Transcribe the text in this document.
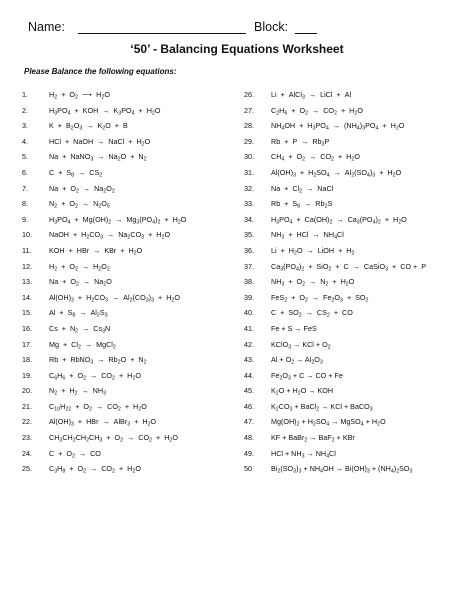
Name:	Block:
‘50’ - Balancing Equations Worksheet
Please Balance the following equations:
1.	$H_2 + O_2$  ⟶  $H_2O$
2.	$H_3PO_4$  +  KOH  →  $K_3PO_4 + H_2O$
3.	$K + B_2O_3 \to K_2O + B$
4.	HCl  +  NaOH  →  NaCl  +  $H_2O$
5.	Na  +  NaNO$_3$  →  $Na_2O + N_2$
6.	$C + S_8 \to CS_2$
7.	$Na + O_2 \to Na_2O_2$
8.	$N_2 + O_2 \to N_2O_5$
9.	$H_3PO_4 + Mg(OH)_2 \to Mg_3(PO_4)_2 + H_2O$
10.	NaOH  +  $H_2CO_3 \to Na_2CO_3 + H_2O$
11.	KOH  +  HBr  →  KBr  +  $H_2O$
12.	$H_2 + O_2 \to H_2O_2$
13.	$Na + O_2 \to Na_2O$
14.	$Al(OH)_3 + H_2CO_3 \to Al_2(CO_3)_3 + H_2O$
15.	$Al + S_8 \to Al_2S_3$
16.	$Cs + N_2 \to Cs_3N$
17.	$Mg + Cl_2$  →  MgCl$_2$
18.	Rb  +  RbNO$_3$  →  $Rb_2O + N_2$
19.	$C_6H_6 + O_2 \to CO_2 + H_2O$
20.	$N_2 + H_2 \to NH_3$
21.	$C_{10}H_{22} + O_2 \to CO_2 + H_2O$
22.	$Al(OH)_3$  +  HBr  →  AlBr$_3$  +  $H_2O$
23.	$CH_3CH_2CH_2CH_3 + O_2 \to CO_2 + H_2O$
24.	$C + O_2$  →  CO
25.	$C_3H_8 + O_2 \to CO_2 + H_2O$
26.	Li  +  AlCl$_3$  →  LiCl  +  Al
27.	$C_2H_6 + O_2 \to CO_2 + H_2O$
28.	$NH_4OH + H_3PO_4 \to (NH_4)_3PO_4 + H_2O$
29.	$Rb + P \to Rb_3P$
30.	$CH_4 + O_2 \to CO_2 + H_2O$
31.	$Al(OH)_3 + H_2SO_4 \to Al_2(SO_4)_3 + H_2O$
32.	$Na + Cl_2$  →  NaCl
33.	$Rb + S_8 \to Rb_2S$
34.	$H_3PO_4 + Ca(OH)_2 \to Ca_3(PO_4)_2 + H_2O$
35.	$NH_3$  +  HCl  →  $NH_4Cl$
36.	$Li + H_2O$  →  LiOH  +  $H_2$
37.	$Ca_3(PO_4)_2 + SiO_2 + C$  →  CaSiO$_3$  +  CO +  P
38.	$NH_3 + O_2 \to N_2 + H_2O$
39.	$FeS_2 + O_2 \to Fe_2O_3 + SO_2$
40.	$C + SO_2 \to CS_2$  +  CO
41.	Fe + S → FeS
42.	KClO$_3$ → KCl + $O_2$
43.	$Al + O_2 \to Al_2O_3$
44.	$Fe_2O_3 + C$ → CO + Fe
45.	$K_2O + H_2O$ → KOH
46.	$K_2CO_3$ + BaCl$_2$ → KCl + BaCO$_3$
47.	$Mg(OH)_2 + H_2SO_4$ → MgSO$_4$ + $H_2O$
48.	KF + BaBr$_2$ → BaF$_2$ + KBr
49.	HCl + $NH_3 \to NH_4Cl$
50	$Bi_2(SO_3)_3 + NH_4OH \to Bi(OH)_3 + (NH_4)_2SO_3$
